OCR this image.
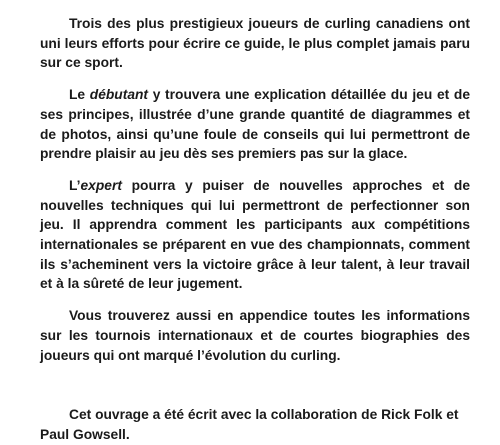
Trois des plus prestigieux joueurs de curling canadiens ont uni leurs efforts pour écrire ce guide, le plus complet jamais paru sur ce sport.

Le débutant y trouvera une explication détaillée du jeu et de ses principes, illustrée d’une grande quantité de diagrammes et de photos, ainsi qu’une foule de conseils qui lui permettront de prendre plaisir au jeu dès ses premiers pas sur la glace.

L’expert pourra y puiser de nouvelles approches et de nouvelles techniques qui lui permettront de perfectionner son jeu. Il apprendra comment les participants aux compétitions internationales se préparent en vue des championnats, comment ils s’acheminent vers la victoire grâce à leur talent, à leur travail et à la sûreté de leur jugement.

Vous trouverez aussi en appendice toutes les informations sur les tournois internationaux et de courtes biographies des joueurs qui ont marqué l’évolution du curling.

Cet ouvrage a été écrit avec la collaboration de Rick Folk et Paul Gowsell.
